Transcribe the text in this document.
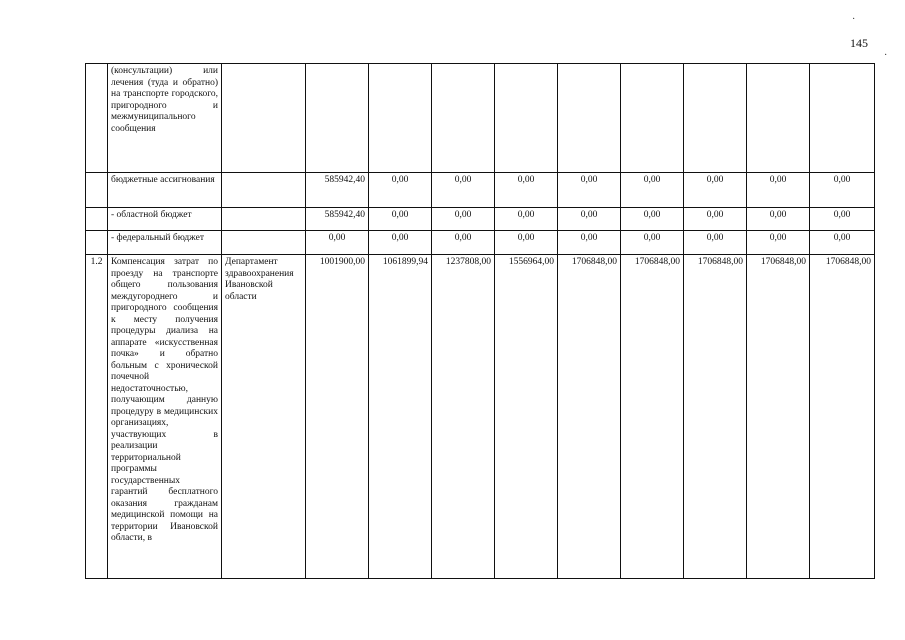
145
·
·
	(консультации) или лечения (туда и обратно) на транспорте городского, пригородного и межмуниципального сообщения										
	бюджетные ассигнования		585942,40	0,00	0,00	0,00	0,00	0,00	0,00	0,00	0,00
	- областной бюджет		585942,40	0,00	0,00	0,00	0,00	0,00	0,00	0,00	0,00
	- федеральный бюджет		0,00	0,00	0,00	0,00	0,00	0,00	0,00	0,00	0,00
1.2	Компенсация затрат по проезду на транспорте общего пользования междугороднего и пригородного сообщения к месту получения процедуры диализа на аппарате «искусственная почка» и обратно больным с хронической почечной недостаточностью, получающим данную процедуру в медицинских организациях, участвующих в реализации территориальной программы государственных гарантий бесплатного оказания гражданам медицинской помощи на территории Ивановской области, в	Департамент здравоохранения Ивановской области	1001900,00	1061899,94	1237808,00	1556964,00	1706848,00	1706848,00	1706848,00	1706848,00	1706848,00
